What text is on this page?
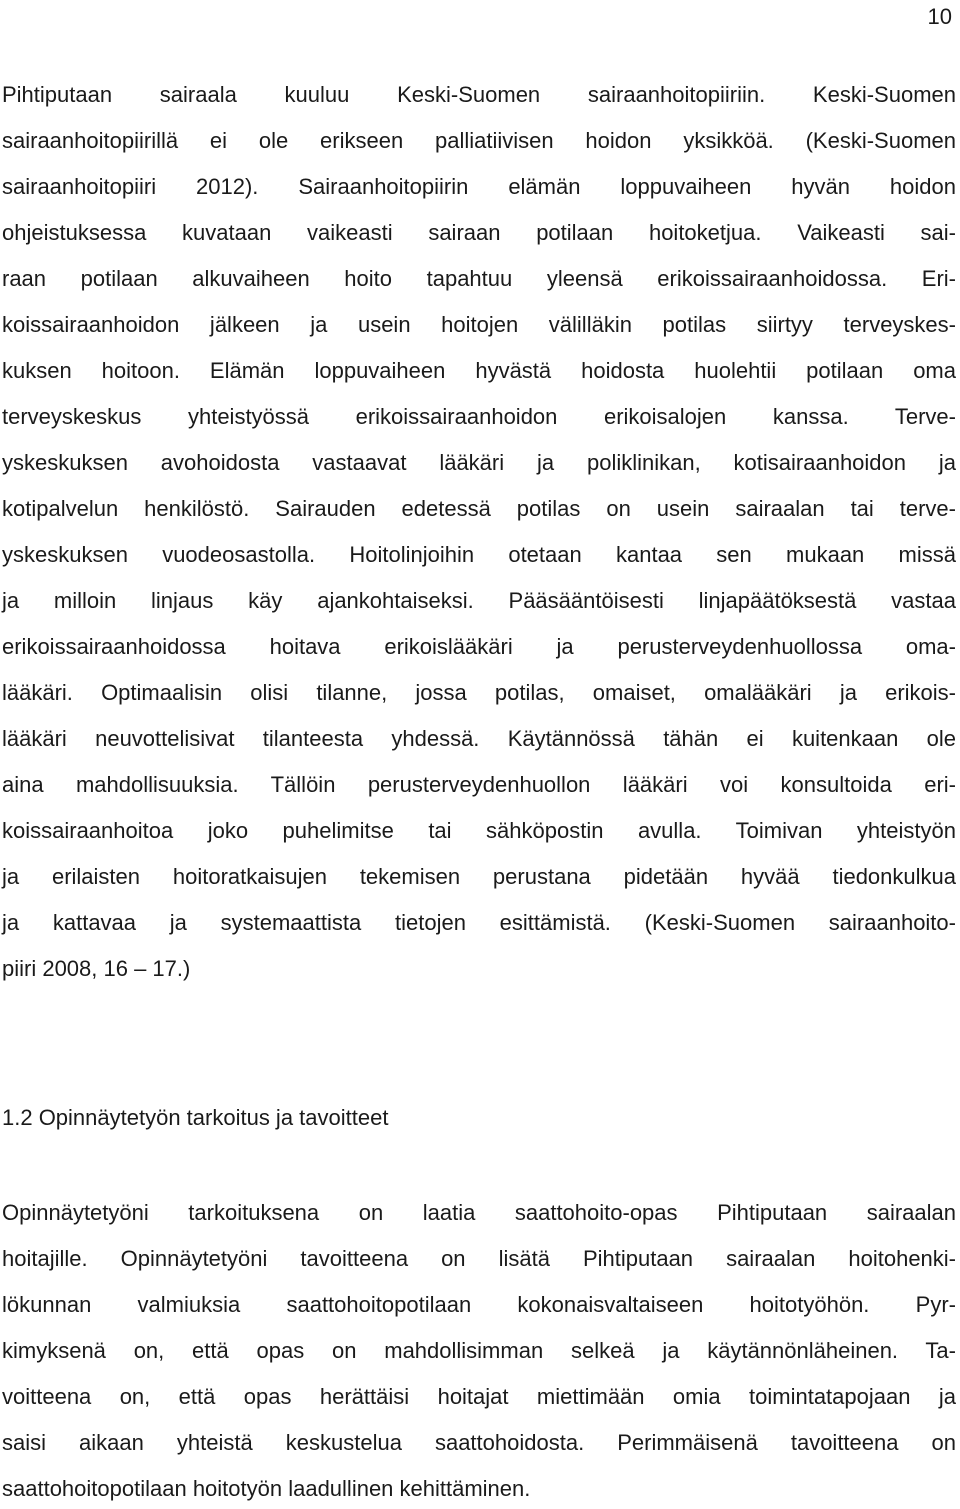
10
Pihtiputaan sairaala kuuluu Keski-Suomen sairaanhoitopiiriin. Keski-Suomen
sairaanhoitopiirillä ei ole erikseen palliatiivisen hoidon yksikköä. (Keski-Suomen
sairaanhoitopiiri 2012). Sairaanhoitopiirin elämän loppuvaiheen hyvän hoidon
ohjeistuksessa kuvataan vaikeasti sairaan potilaan hoitoketjua. Vaikeasti sai-
raan potilaan alkuvaiheen hoito tapahtuu yleensä erikoissairaanhoidossa. Eri-
koissairaanhoidon jälkeen ja usein hoitojen välilläkin potilas siirtyy terveyskes-
kuksen hoitoon. Elämän loppuvaiheen hyvästä hoidosta huolehtii potilaan oma
terveyskeskus yhteistyössä erikoissairaanhoidon erikoisalojen kanssa. Terve-
yskeskuksen avohoidosta vastaavat lääkäri ja poliklinikan, kotisairaanhoidon ja
kotipalvelun henkilöstö. Sairauden edetessä potilas on usein sairaalan tai terve-
yskeskuksen vuodeosastolla. Hoitolinjoihin otetaan kantaa sen mukaan missä
ja milloin linjaus käy ajankohtaiseksi. Pääsääntöisesti linjapäätöksestä vastaa
erikoissairaanhoidossa hoitava erikoislääkäri ja perusterveydenhuollossa oma-
lääkäri. Optimaalisin olisi tilanne, jossa potilas, omaiset, omalääkäri ja erikois-
lääkäri neuvottelisivat tilanteesta yhdessä. Käytännössä tähän ei kuitenkaan ole
aina mahdollisuuksia. Tällöin perusterveydenhuollon lääkäri voi konsultoida eri-
koissairaanhoitoa joko puhelimitse tai sähköpostin avulla. Toimivan yhteistyön
ja erilaisten hoitoratkaisujen tekemisen perustana pidetään hyvää tiedonkulkua
ja kattavaa ja systemaattista tietojen esittämistä. (Keski-Suomen sairaanhoito-
piiri 2008, 16 – 17.)
1.2 Opinnäytetyön tarkoitus ja tavoitteet
Opinnäytetyöni tarkoituksena on laatia saattohoito-opas Pihtiputaan sairaalan
hoitajille. Opinnäytetyöni tavoitteena on lisätä Pihtiputaan sairaalan hoitohenki-
lökunnan valmiuksia saattohoitopotilaan kokonaisvaltaiseen hoitotyöhön. Pyr-
kimyksenä on, että opas on mahdollisimman selkeä ja käytännönläheinen. Ta-
voitteena on, että opas herättäisi hoitajat miettimään omia toimintatapojaan ja
saisi aikaan yhteistä keskustelua saattohoidosta. Perimmäisenä tavoitteena on
saattohoitopotilaan hoitotyön laadullinen kehittäminen.
